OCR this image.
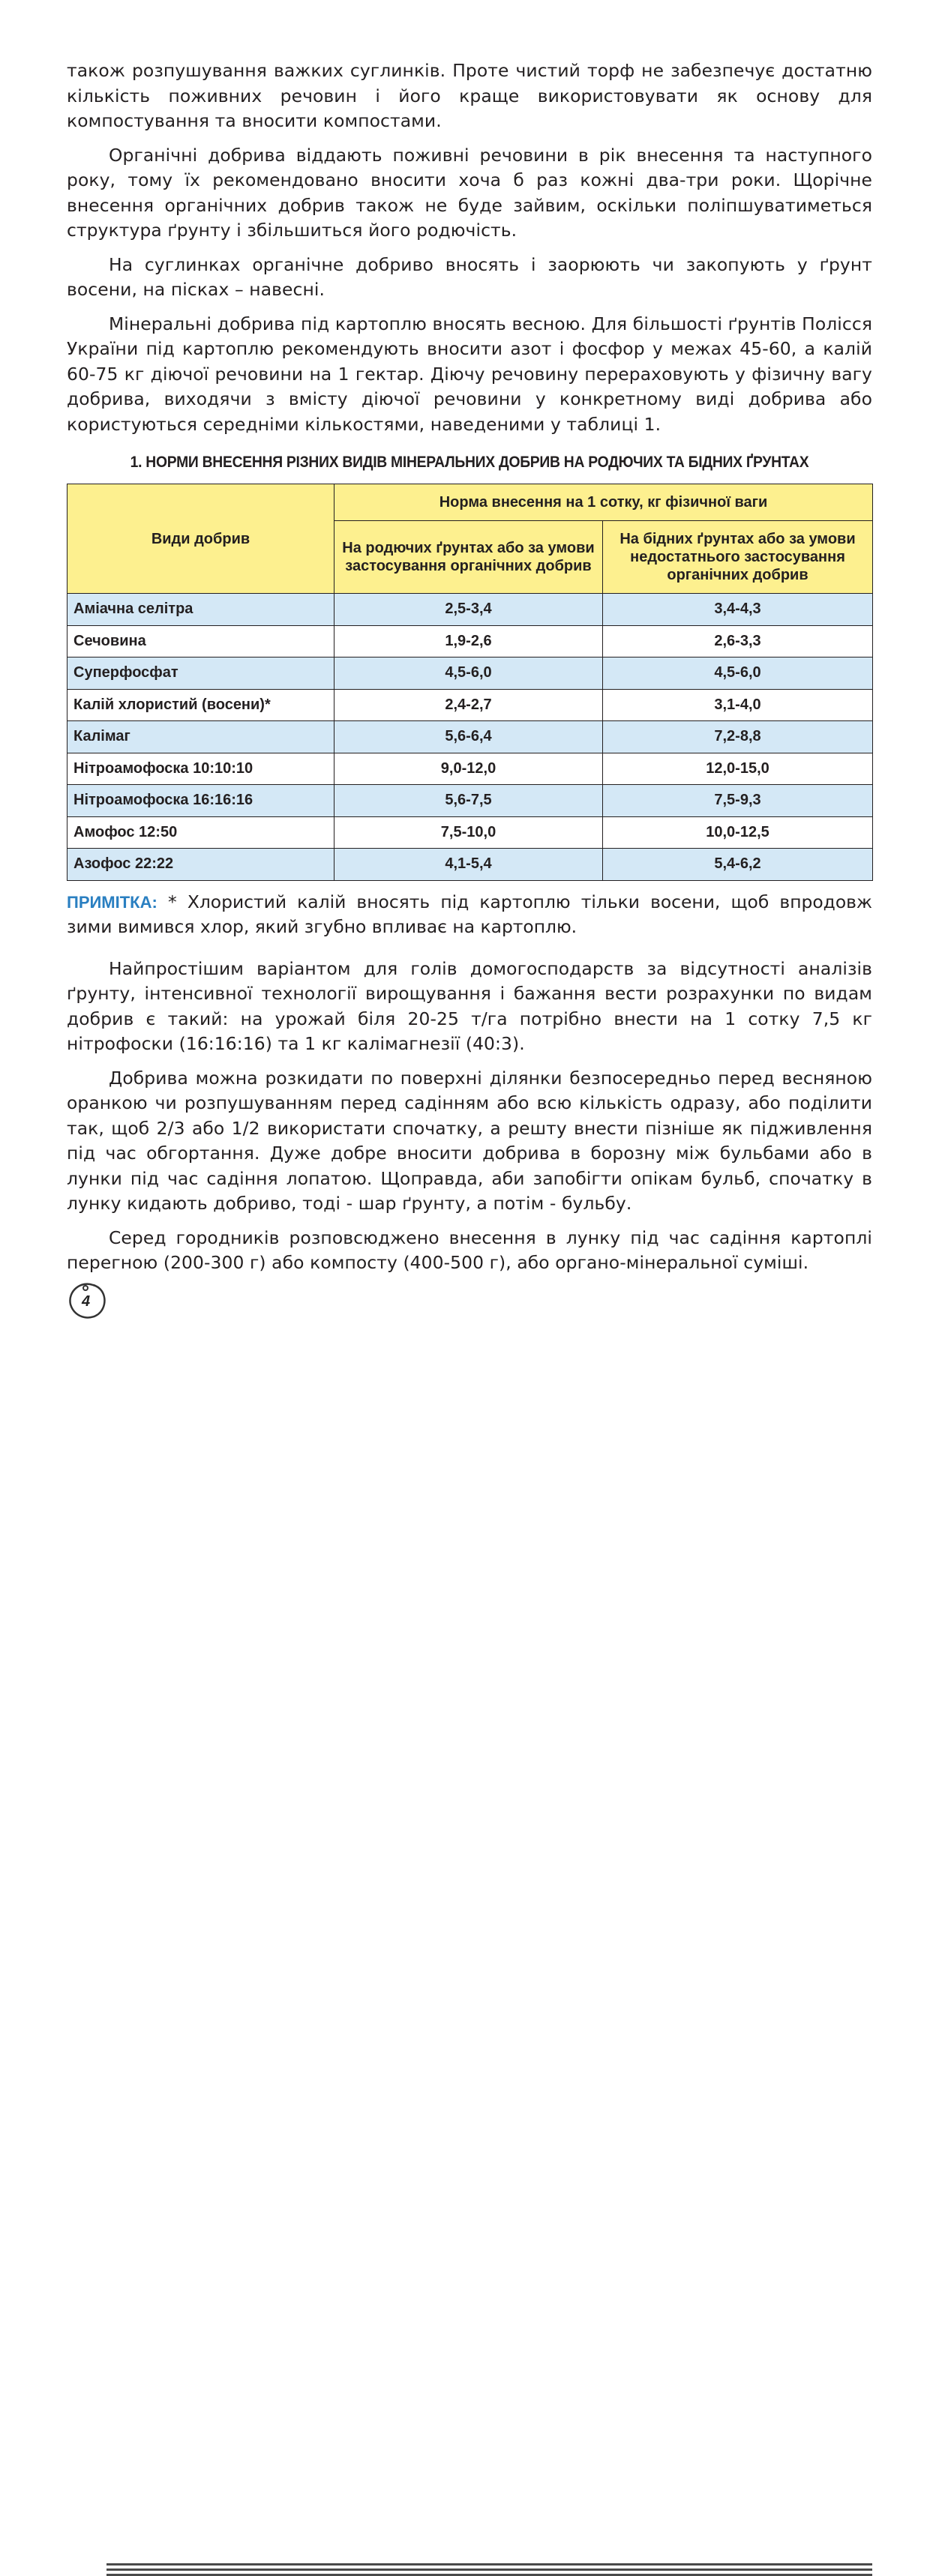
також розпушування важких суглинків. Проте чистий торф не забезпечує достатню кількість поживних речовин і його краще використовувати як основу для компостування та вносити компостами.

Органічні добрива віддають поживні речовини в рік внесення та наступного року, тому їх рекомендовано вносити хоча б раз кожні два-три роки. Щорічне внесення органічних добрив також не буде зайвим, оскільки поліпшуватиметься структура ґрунту і збільшиться його родючість.

На суглинках органічне добриво вносять і заорюють чи закопують у ґрунт восени, на пісках – навесні.

Мінеральні добрива під картоплю вносять весною. Для більшості ґрунтів Полісся України під картоплю рекомендують вносити азот і фосфор у межах 45-60, а калій 60-75 кг діючої речовини на 1 гектар. Діючу речовину перераховують у фізичну вагу добрива, виходячи з вмісту діючої речовини у конкретному виді добрива або користуються середніми кількостями, наведеними у таблиці 1.

1. НОРМИ ВНЕСЕННЯ РІЗНИХ ВИДІВ МІНЕРАЛЬНИХ ДОБРИВ НА РОДЮЧИХ ТА БІДНИХ ҐРУНТАХ
Види добрив	Норма внесення на 1 сотку, кг фізичної ваги	
	На родючих ґрунтах або за умови застосування органічних добрив	На бідних ґрунтах або за умови недостатнього застосування органічних добрив
Аміачна селітра	2,5-3,4	3,4-4,3
Сечовина	1,9-2,6	2,6-3,3
Суперфосфат	4,5-6,0	4,5-6,0
Калій хлористий (восени)*	2,4-2,7	3,1-4,0
Калімаг	5,6-6,4	7,2-8,8
Нітроамофоска 10:10:10	9,0-12,0	12,0-15,0
Нітроамофоска 16:16:16	5,6-7,5	7,5-9,3
Амофос 12:50	7,5-10,0	10,0-12,5
Азофос 22:22	4,1-5,4	5,4-6,2

ПРИМІТКА: * Хлористий калій вносять під картоплю тільки восени, щоб впродовж зими вимився хлор, який згубно впливає на картоплю.

Найпростішим варіантом для голів домогосподарств за відсутності аналізів ґрунту, інтенсивної технології вирощування і бажання вести розрахунки по видам добрив є такий: на урожай біля 20-25 т/га потрібно внести на 1 сотку 7,5 кг нітрофоски (16:16:16) та 1 кг калімагнезії (40:3).

Добрива можна розкидати по поверхні ділянки безпосередньо перед весняною оранкою чи розпушуванням перед садінням або всю кількість одразу, або поділити так, щоб 2/3 або 1/2 використати спочатку, а решту внести пізніше як підживлення під час обгортання. Дуже добре вносити добрива в борозну між бульбами або в лунки під час садіння лопатою. Щоправда, аби запобігти опікам бульб, спочатку в лунку кидають добриво, тоді - шар ґрунту, а потім - бульбу.

Серед городників розповсюджено внесення в лунку під час садіння картоплі перегною (200-300 г) або компосту (400-500 г), або органо-мінеральної суміші.

4
